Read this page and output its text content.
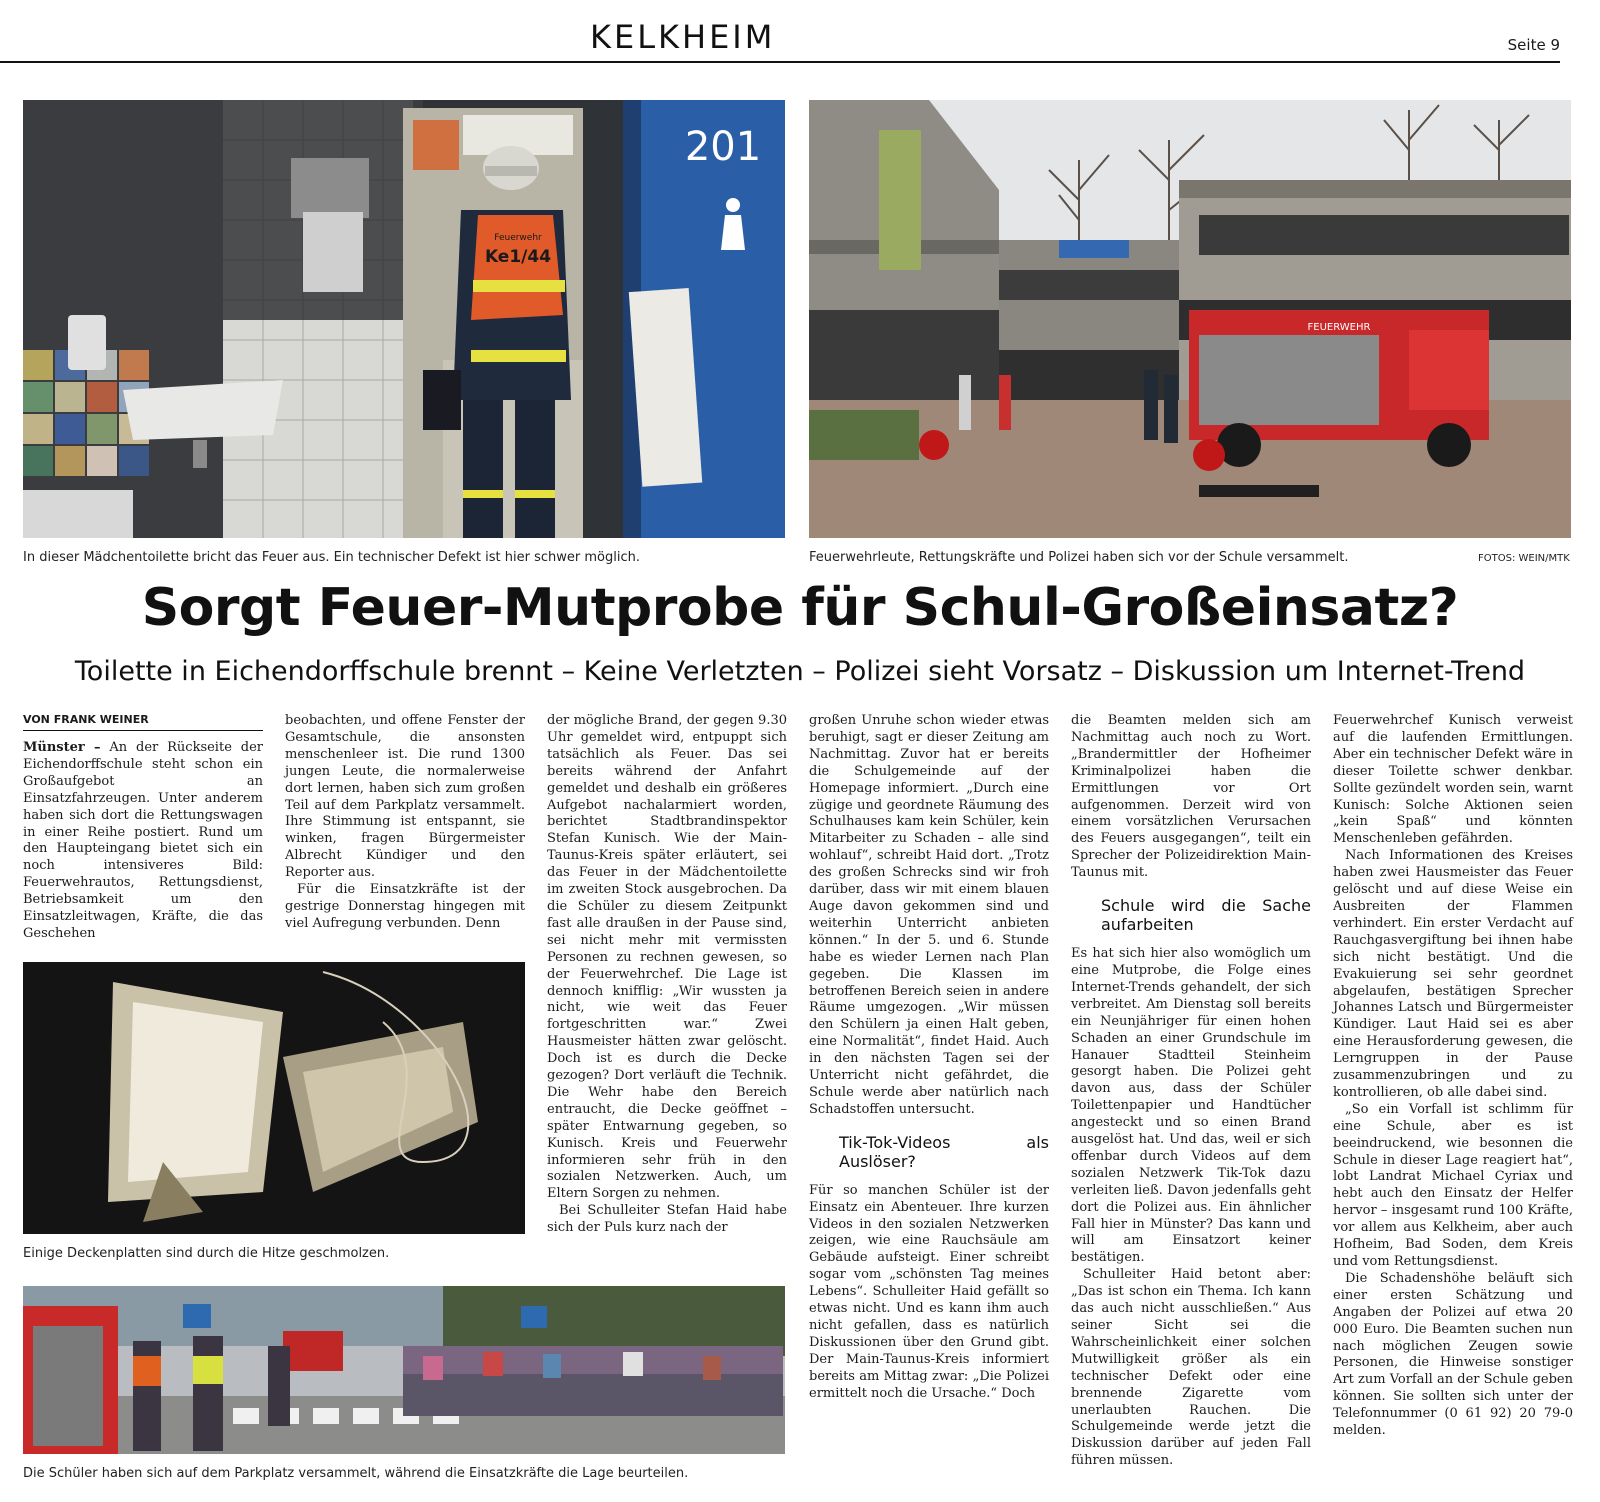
KELKHEIM	Seite 9
201
Feuerwehr
Ke1/44
In dieser Mädchentoilette bricht das Feuer aus. Ein technischer Defekt ist hier schwer möglich.
FEUERWEHR
Feuerwehrleute, Rettungskräfte und Polizei haben sich vor der Schule versammelt.	FOTOS: WEIN/MTK
Sorgt Feuer-Mutprobe für Schul-Großeinsatz?
Toilette in Eichendorffschule brennt – Keine Verletzten – Polizei sieht Vorsatz – Diskussion um Internet-Trend
VON FRANK WEINER

Münster – An der Rückseite der Eichendorffschule steht schon ein Großaufgebot an Einsatzfahrzeugen. Unter anderem haben sich dort die Rettungswagen in einer Reihe postiert. Rund um den Haupteingang bietet sich ein noch intensiveres Bild: Feuerwehrautos, Rettungsdienst, Betriebsamkeit um den Einsatzleitwagen, Kräfte, die das Geschehen

beobachten, und offene Fenster der Gesamtschule, die ansonsten menschenleer ist. Die rund 1300 jungen Leute, die normalerweise dort lernen, haben sich zum großen Teil auf dem Parkplatz versammelt. Ihre Stimmung ist entspannt, sie winken, fragen Bürgermeister Albrecht Kündiger und den Reporter aus.

Für die Einsatzkräfte ist der gestrige Donnerstag hingegen mit viel Aufregung verbunden. Denn

Einige Deckenplatten sind durch die Hitze geschmolzen.
Die Schüler haben sich auf dem Parkplatz versammelt, während die Einsatzkräfte die Lage beurteilen.

der mögliche Brand, der gegen 9.30 Uhr gemeldet wird, entpuppt sich tatsächlich als Feuer. Das sei bereits während der Anfahrt gemeldet und deshalb ein größeres Aufgebot nachalarmiert worden, berichtet Stadtbrandinspektor Stefan Kunisch. Wie der Main-Taunus-Kreis später erläutert, sei das Feuer in der Mädchentoilette im zweiten Stock ausgebrochen. Da die Schüler zu diesem Zeitpunkt fast alle draußen in der Pause sind, sei nicht mehr mit vermissten Personen zu rechnen gewesen, so der Feuerwehrchef. Die Lage ist dennoch knifflig: „Wir wussten ja nicht, wie weit das Feuer fortgeschritten war.“ Zwei Hausmeister hätten zwar gelöscht. Doch ist es durch die Decke gezogen? Dort verläuft die Technik. Die Wehr habe den Bereich entraucht, die Decke geöffnet – später Entwarnung gegeben, so Kunisch. Kreis und Feuerwehr informieren sehr früh in den sozialen Netzwerken. Auch, um Eltern Sorgen zu nehmen.

Bei Schulleiter Stefan Haid habe sich der Puls kurz nach der

großen Unruhe schon wieder etwas beruhigt, sagt er dieser Zeitung am Nachmittag. Zuvor hat er bereits die Schulgemeinde auf der Homepage informiert. „Durch eine zügige und geordnete Räumung des Schulhauses kam kein Schüler, kein Mitarbeiter zu Schaden – alle sind wohlauf“, schreibt Haid dort. „Trotz des großen Schrecks sind wir froh darüber, dass wir mit einem blauen Auge davon gekommen sind und weiterhin Unterricht anbieten können.“ In der 5. und 6. Stunde habe es wieder Lernen nach Plan gegeben. Die Klassen im betroffenen Bereich seien in andere Räume umgezogen. „Wir müssen den Schülern ja einen Halt geben, eine Normalität“, findet Haid. Auch in den nächsten Tagen sei der Unterricht nicht gefährdet, die Schule werde aber natürlich nach Schadstoffen untersucht.

Tik-Tok-Videos als Auslöser?

Für so manchen Schüler ist der Einsatz ein Abenteuer. Ihre kurzen Videos in den sozialen Netzwerken zeigen, wie eine Rauchsäule am Gebäude aufsteigt. Einer schreibt sogar vom „schönsten Tag meines Lebens“. Schulleiter Haid gefällt so etwas nicht. Und es kann ihm auch nicht gefallen, dass es natürlich Diskussionen über den Grund gibt. Der Main-Taunus-Kreis informiert bereits am Mittag zwar: „Die Polizei ermittelt noch die Ursache.“ Doch

die Beamten melden sich am Nachmittag auch noch zu Wort. „Brandermittler der Hofheimer Kriminalpolizei haben die Ermittlungen vor Ort aufgenommen. Derzeit wird von einem vorsätzlichen Verursachen des Feuers ausgegangen“, teilt ein Sprecher der Polizeidirektion Main-Taunus mit.

Schule wird die Sache aufarbeiten

Es hat sich hier also womöglich um eine Mutprobe, die Folge eines Internet-Trends gehandelt, der sich verbreitet. Am Dienstag soll bereits ein Neunjähriger für einen hohen Schaden an einer Grundschule im Hanauer Stadtteil Steinheim gesorgt haben. Die Polizei geht davon aus, dass der Schüler Toilettenpapier und Handtücher angesteckt und so einen Brand ausgelöst hat. Und das, weil er sich offenbar durch Videos auf dem sozialen Netzwerk Tik-Tok dazu verleiten ließ. Davon jedenfalls geht dort die Polizei aus. Ein ähnlicher Fall hier in Münster? Das kann und will am Einsatzort keiner bestätigen.

Schulleiter Haid betont aber: „Das ist schon ein Thema. Ich kann das auch nicht ausschließen.“ Aus seiner Sicht sei die Wahrscheinlichkeit einer solchen Mutwilligkeit größer als ein technischer Defekt oder eine brennende Zigarette vom unerlaubten Rauchen. Die Schulgemeinde werde jetzt die Diskussion darüber auf jeden Fall führen müssen.

Feuerwehrchef Kunisch verweist auf die laufenden Ermittlungen. Aber ein technischer Defekt wäre in dieser Toilette schwer denkbar. Sollte gezündelt worden sein, warnt Kunisch: Solche Aktionen seien „kein Spaß“ und könnten Menschenleben gefährden.

Nach Informationen des Kreises haben zwei Hausmeister das Feuer gelöscht und auf diese Weise ein Ausbreiten der Flammen verhindert. Ein erster Verdacht auf Rauchgasvergiftung bei ihnen habe sich nicht bestätigt. Und die Evakuierung sei sehr geordnet abgelaufen, bestätigen Sprecher Johannes Latsch und Bürgermeister Kündiger. Laut Haid sei es aber eine Herausforderung gewesen, die Lerngruppen in der Pause zusammenzubringen und zu kontrollieren, ob alle dabei sind.

„So ein Vorfall ist schlimm für eine Schule, aber es ist beeindruckend, wie besonnen die Schule in dieser Lage reagiert hat“, lobt Landrat Michael Cyriax und hebt auch den Einsatz der Helfer hervor – insgesamt rund 100 Kräfte, vor allem aus Kelkheim, aber auch Hofheim, Bad Soden, dem Kreis und vom Rettungsdienst.

Die Schadenshöhe beläuft sich einer ersten Schätzung und Angaben der Polizei auf etwa 20 000 Euro. Die Beamten suchen nun nach möglichen Zeugen sowie Personen, die Hinweise sonstiger Art zum Vorfall an der Schule geben können. Sie sollten sich unter der Telefonnummer (0 61 92) 20 79-0 melden.
